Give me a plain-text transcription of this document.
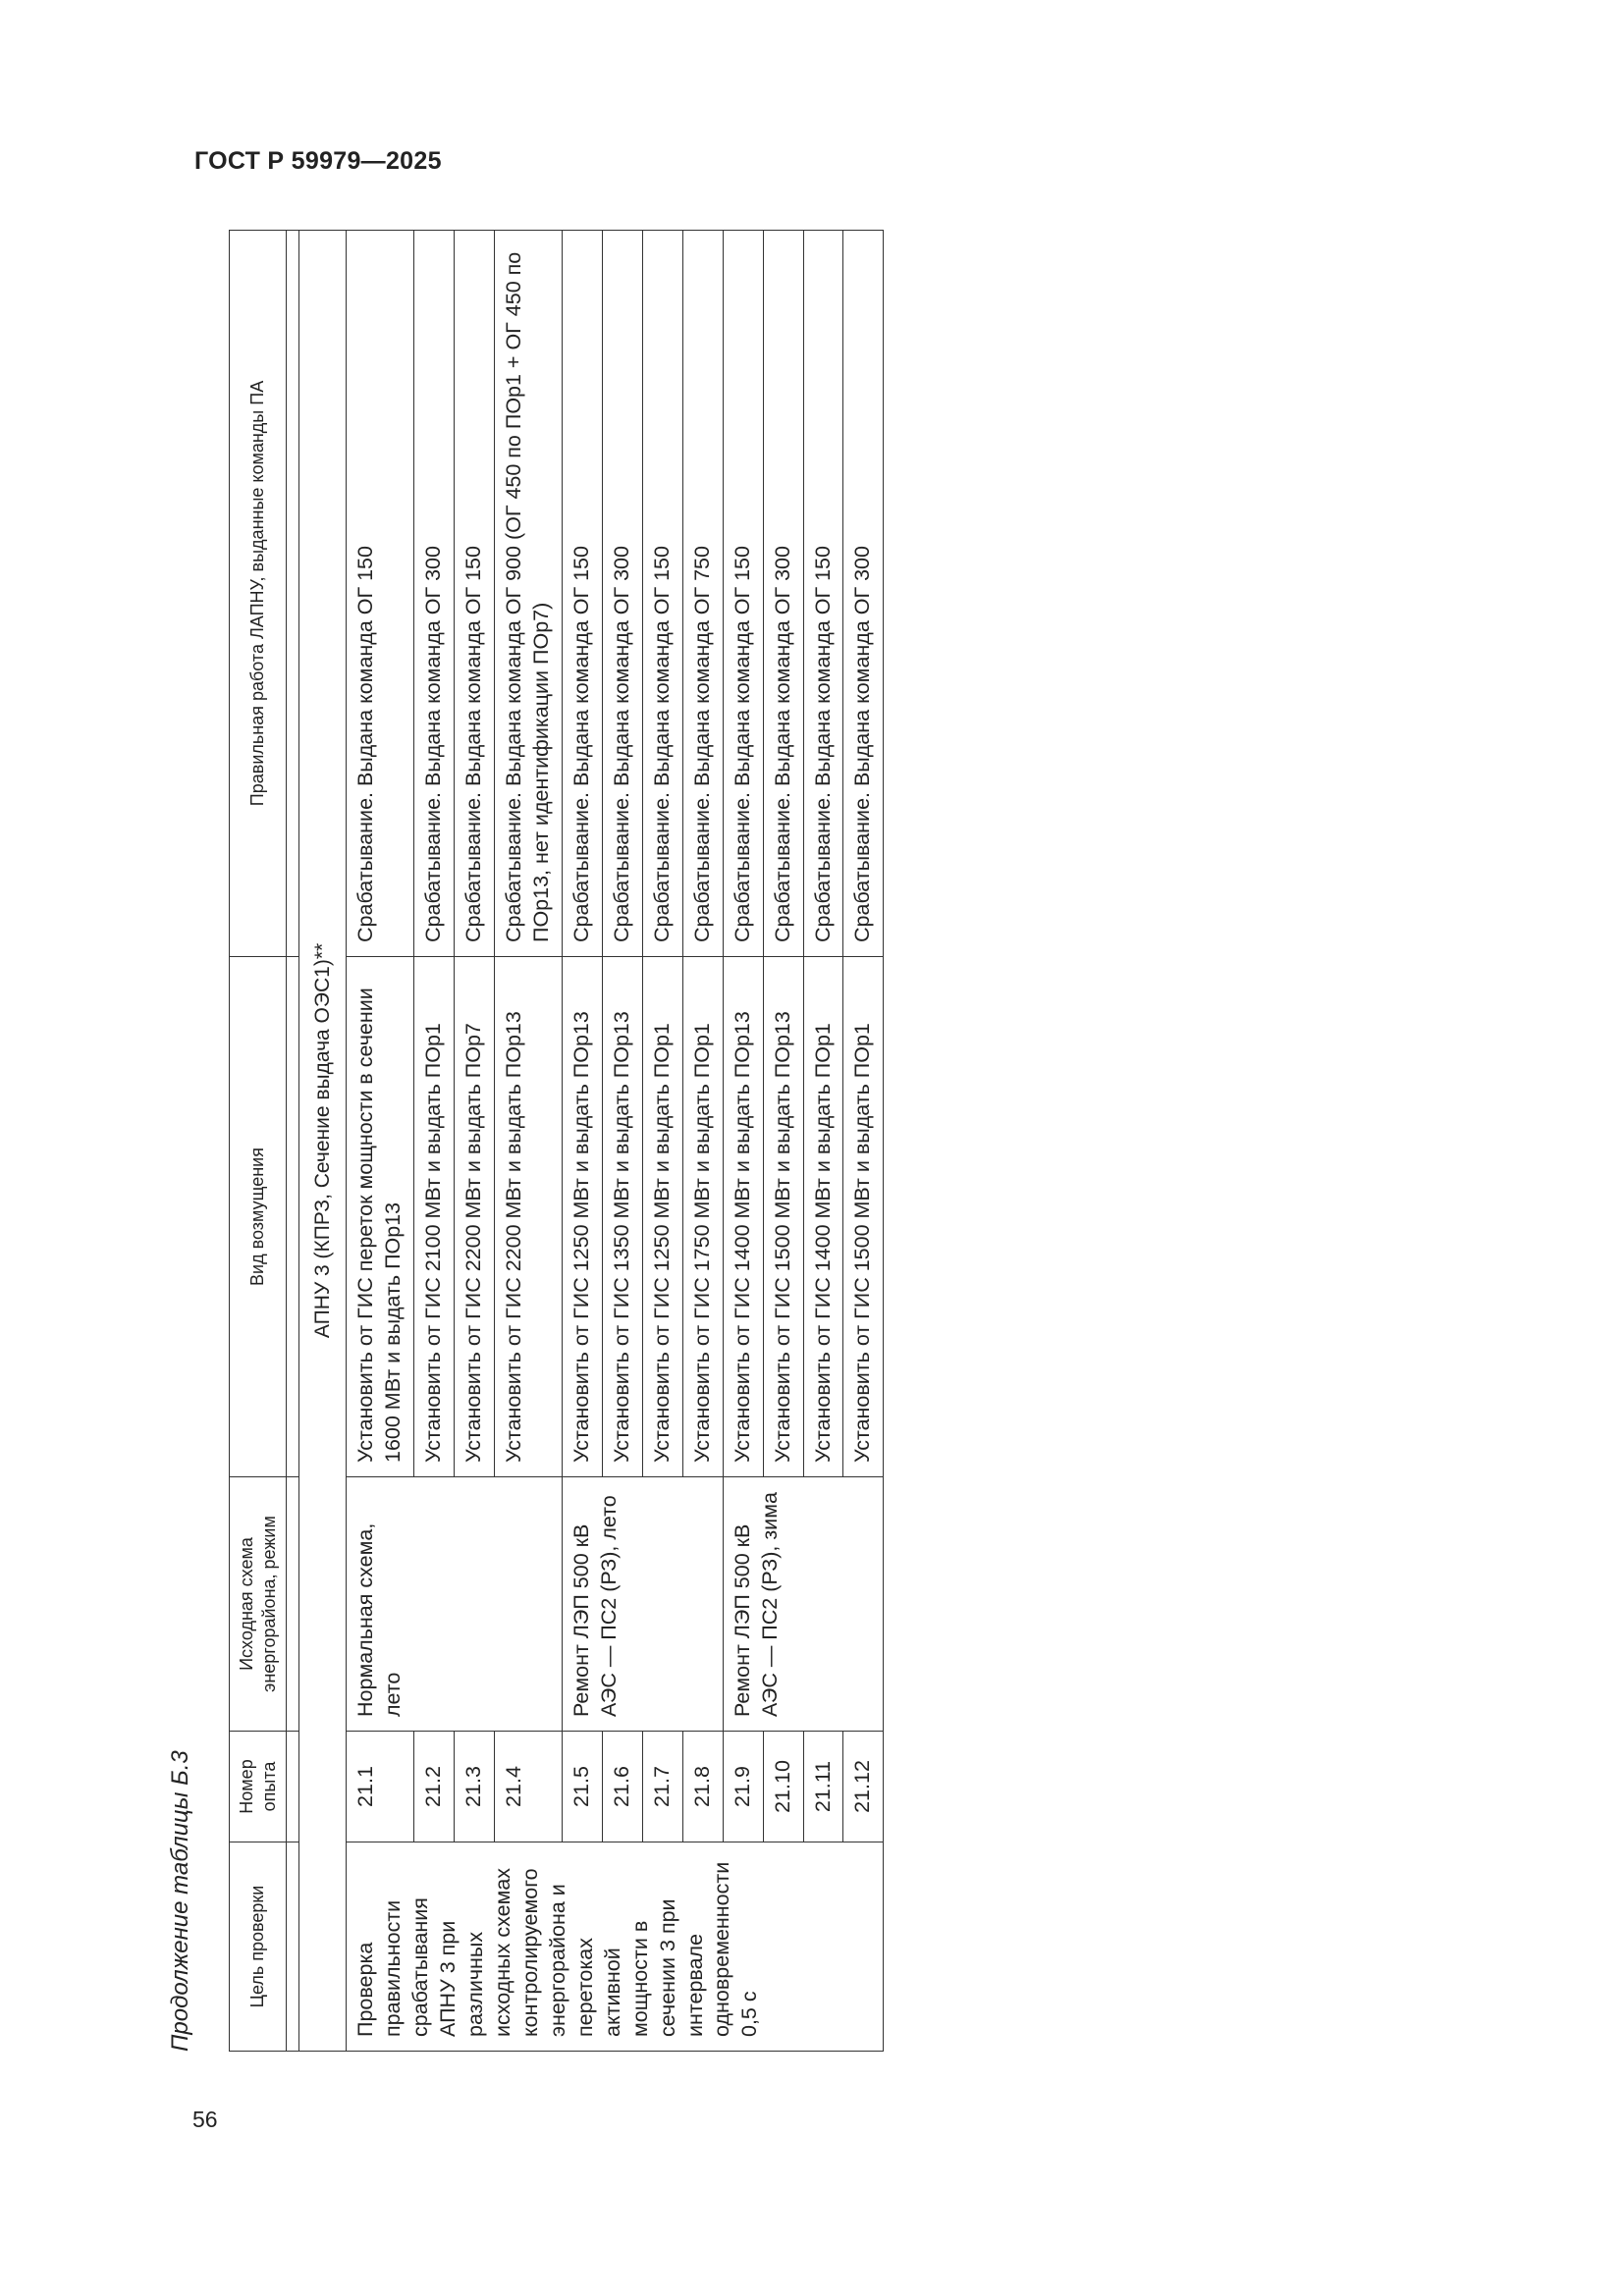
ГОСТ Р 59979—2025
56
Продолжение таблицы Б.3	Цель проверки	Номер опыта	Исходная схема энергорайона, режим	Вид возмущения	Правильная работа ЛАПНУ, выданные команды ПА

АПНУ 3 (КПРЗ, Сечение выдача ОЭС1)**				
Проверка правильности срабатывания АПНУ 3 при различных исходных схемах контролируемого энергорайона и перетоках активной мощности в сечении 3 при интервале одновременности 0,5 с	21.1	Нормальная схема, лето	Установить от ГИС переток мощности в сечении 1600 МВт и выдать ПОр13	Срабатывание. Выдана команда ОГ 150
	21.2		Установить от ГИС 2100 МВт и выдать ПОр1	Срабатывание. Выдана команда ОГ 300
	21.3		Установить от ГИС 2200 МВт и выдать ПОр7	Срабатывание. Выдана команда ОГ 150
	21.4		Установить от ГИС 2200 МВт и выдать ПОр13	Срабатывание. Выдана команда ОГ 900 (ОГ 450 по ПОр1 + ОГ 450 по ПОр13, нет идентификации ПОр7)
	21.5	Ремонт ЛЭП 500 кВ АЭС — ПС2 (РЗ), лето	Установить от ГИС 1250 МВт и выдать ПОр13	Срабатывание. Выдана команда ОГ 150
	21.6		Установить от ГИС 1350 МВт и выдать ПОр13	Срабатывание. Выдана команда ОГ 300
	21.7		Установить от ГИС 1250 МВт и выдать ПОр1	Срабатывание. Выдана команда ОГ 150
	21.8		Установить от ГИС 1750 МВт и выдать ПОр1	Срабатывание. Выдана команда ОГ 750
	21.9	Ремонт ЛЭП 500 кВ АЭС — ПС2 (РЗ), зима	Установить от ГИС 1400 МВт и выдать ПОр13	Срабатывание. Выдана команда ОГ 150
	21.10		Установить от ГИС 1500 МВт и выдать ПОр13	Срабатывание. Выдана команда ОГ 300
	21.11		Установить от ГИС 1400 МВт и выдать ПОр1	Срабатывание. Выдана команда ОГ 150
	21.12		Установить от ГИС 1500 МВт и выдать ПОр1	Срабатывание. Выдана команда ОГ 300
